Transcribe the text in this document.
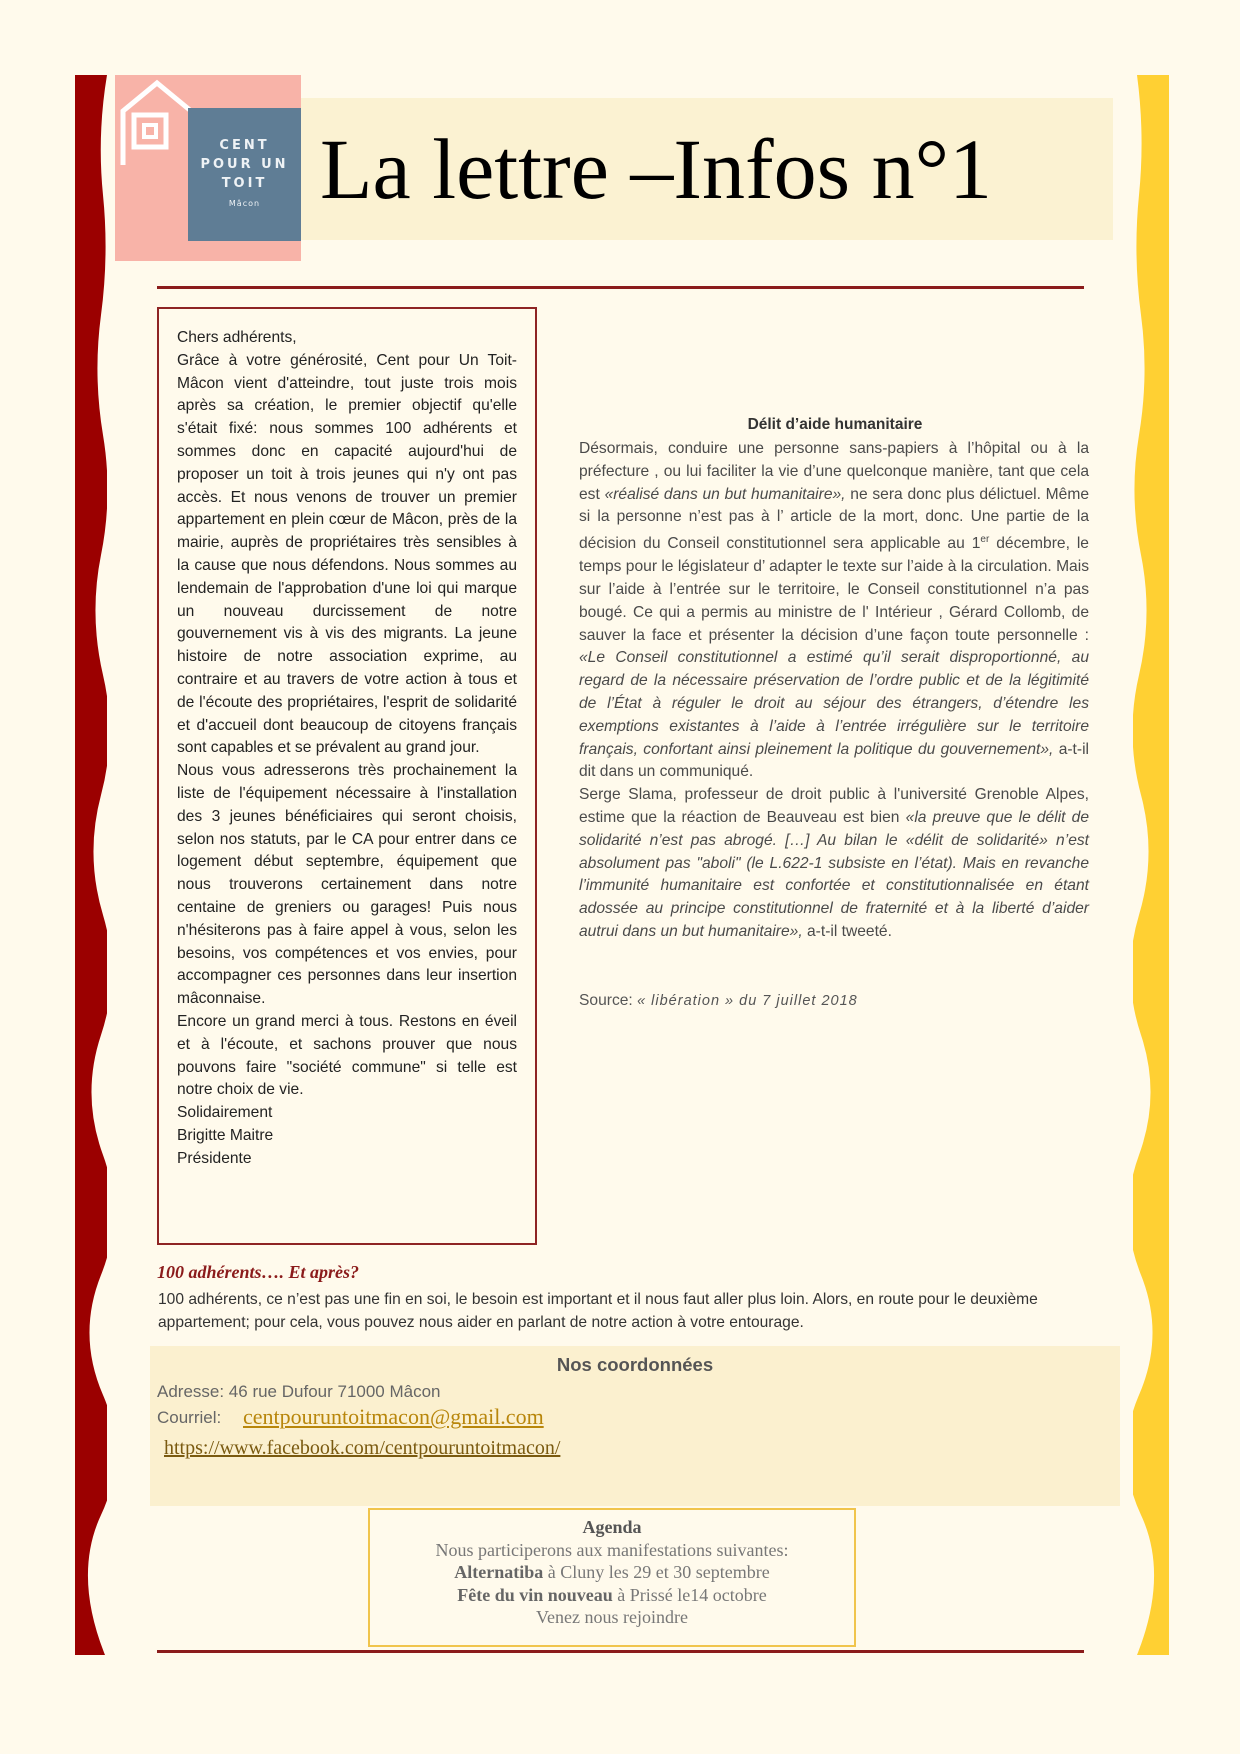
CENT
POUR UN
TOIT
Mâcon La lettre –Infos n°1

Chers adhérents,

Grâce à votre générosité, Cent pour Un Toit-Mâcon vient d'atteindre, tout juste trois mois après sa création, le premier objectif qu'elle s'était fixé: nous sommes 100 adhérents et sommes donc en capacité aujourd'hui de proposer un toit à trois jeunes qui n'y ont pas accès. Et nous venons de trouver un premier appartement en plein cœur de Mâcon, près de la mairie, auprès de propriétaires très sensibles à la cause que nous défendons. Nous sommes au lendemain de l'approbation d'une loi qui marque un nouveau durcissement de notre gouvernement vis à vis des migrants. La jeune histoire de notre association exprime, au contraire et au travers de votre action à tous et de l'écoute des propriétaires, l'esprit de solidarité et d'accueil dont beaucoup de citoyens français sont capables et se prévalent au grand jour.

Nous vous adresserons très prochainement la liste de l'équipement nécessaire à l'installation des 3 jeunes bénéficiaires qui seront choisis, selon nos statuts, par le CA pour entrer dans ce logement début septembre, équipement que nous trouverons certainement dans notre centaine de greniers ou garages! Puis nous n'hésiterons pas à faire appel à vous, selon les besoins, vos compétences et vos envies, pour accompagner ces personnes dans leur insertion mâconnaise.

Encore un grand merci à tous. Restons en éveil et à l'écoute, et sachons prouver que nous pouvons faire "société commune" si telle est notre choix de vie.

Solidairement

Brigitte Maitre

Présidente

Délit d’aide humanitaire

Désormais, conduire une personne sans-papiers à l’hôpital ou à la préfecture , ou lui faciliter la vie d’une quelconque manière, tant que cela est «réalisé dans un but humanitaire», ne sera donc plus délictuel. Même si la personne n’est pas à l’ article de la mort, donc. Une partie de la décision du Conseil constitutionnel sera applicable au 1er décembre, le temps pour le législateur d’ adapter le texte sur l’aide à la circulation. Mais sur l’aide à l’entrée sur le territoire, le Conseil constitutionnel n’a pas bougé. Ce qui a permis au ministre de l' Intérieur , Gérard Collomb, de sauver la face et présenter la décision d’une façon toute personnelle : «Le Conseil constitutionnel a estimé qu’il serait disproportionné, au regard de la nécessaire préservation de l’ordre public et de la légitimité de l’État à réguler le droit au séjour des étrangers, d’étendre les exemptions existantes à l’aide à l’entrée irrégulière sur le territoire français, confortant ainsi pleinement la politique du gouvernement», a-t-il dit dans un communiqué.

Serge Slama, professeur de droit public à l'université Grenoble Alpes, estime que la réaction de Beauveau est bien «la preuve que le délit de solidarité n’est pas abrogé. […] Au bilan le «délit de solidarité» n’est absolument pas "aboli" (le L.622-1 subsiste en l’état). Mais en revanche l’immunité humanitaire est confortée et constitutionnalisée en étant adossée au principe constitutionnel de fraternité et à la liberté d’aider autrui dans un but humanitaire», a-t-il tweeté.

Source: « libération » du 7 juillet 2018
100 adhérents…. Et après?
100 adhérents, ce n’est pas une fin en soi, le besoin est important et il nous faut aller plus loin. Alors, en route pour le deuxième appartement; pour cela, vous pouvez nous aider en parlant de notre action à votre entourage.
Nos coordonnées
Adresse: 46 rue Dufour 71000 Mâcon
Courriel: centpouruntoitmacon@gmail.com
https://www.facebook.com/centpouruntoitmacon/
Agenda
Nous participerons aux manifestations suivantes:
Alternatiba à Cluny les 29 et 30 septembre
Fête du vin nouveau à Prissé le14 octobre
Venez nous rejoindre
